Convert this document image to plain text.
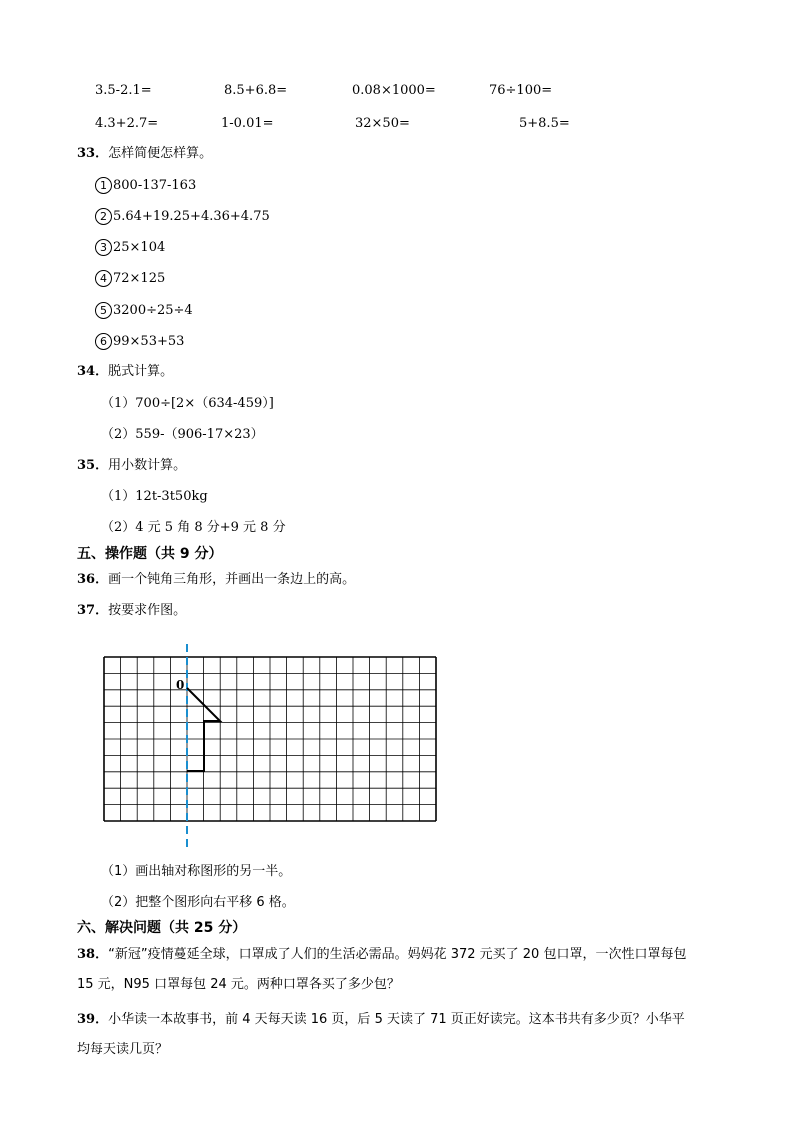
3.5-2.1=	8.5+6.8=	0.08×1000=	76÷100=
4.3+2.7=	1-0.01=	32×50=	5+8.5=
33．怎样简便怎样算。
1 800-137-163
2 5.64+19.25+4.36+4.75
3 25×104
4 72×125
5 3200÷25÷4
6 99×53+53
34．脱式计算。
（1）700÷[2×（634-459）]
（2）559-（906-17×23）
35．用小数计算。
（1）12t-3t50kg
（2）4 元 5 角 8 分+9 元 8 分
五、操作题（共 9 分）
36．画一个钝角三角形，并画出一条边上的高。
37．按要求作图。
0
（1）画出轴对称图形的另一半。
（2）把整个图形向右平移 6 格。
六、解决问题（共 25 分）
38．“新冠”疫情蔓延全球，口罩成了人们的生活必需品。妈妈花 372 元买了 20 包口罩，一次性口罩每包
15 元，N95 口罩每包 24 元。两种口罩各买了多少包？
39．小华读一本故事书，前 4 天每天读 16 页，后 5 天读了 71 页正好读完。这本书共有多少页？小华平
均每天读几页？
